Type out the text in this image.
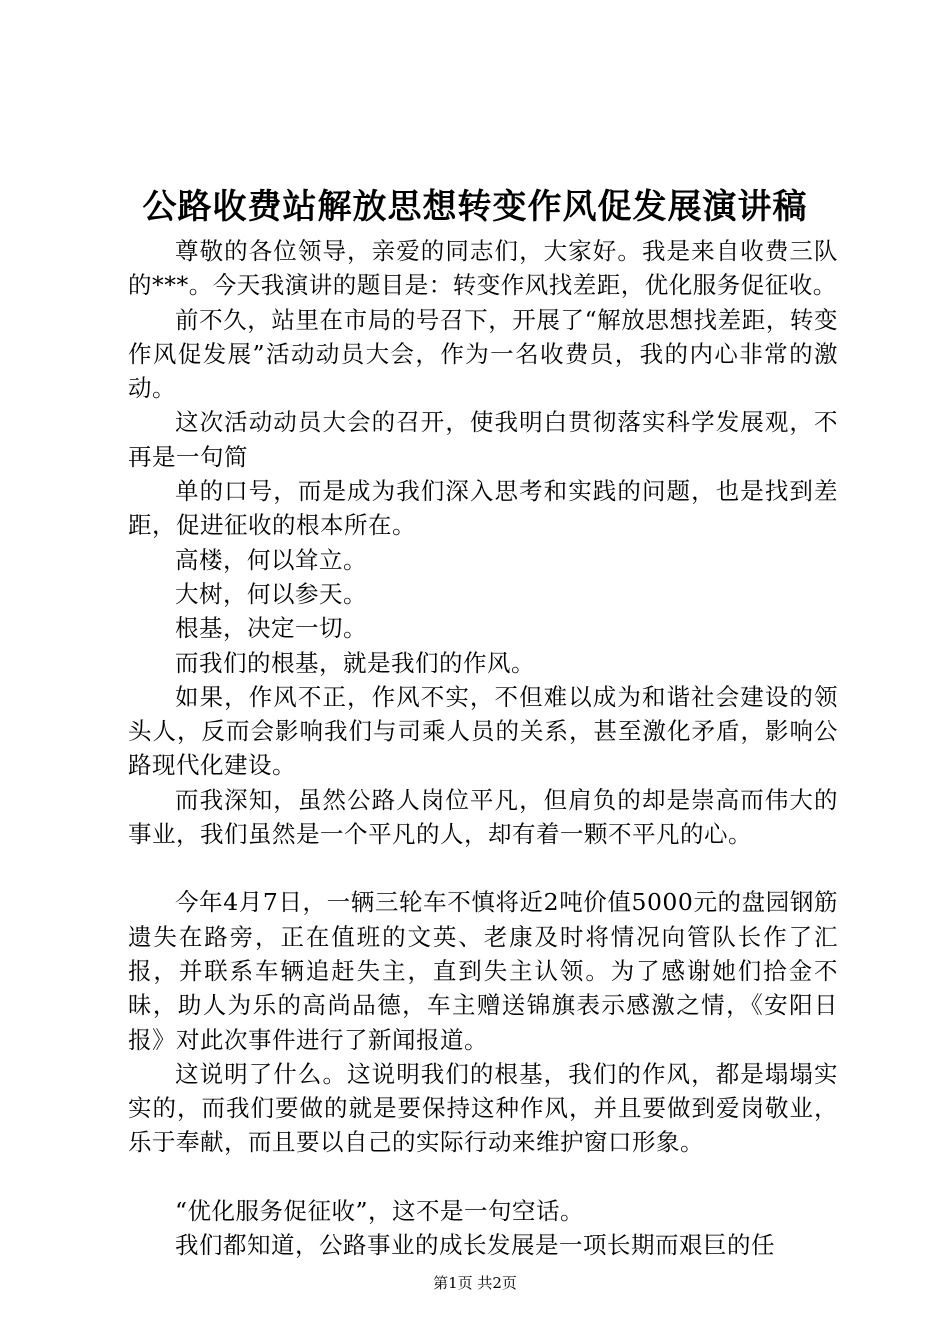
公路收费站解放思想转变作风促发展演讲稿

尊敬的各位领导，亲爱的同志们，大家好。我是来自收费三队的***。今天我演讲的题目是：转变作风找差距，优化服务促征收。

前不久，站里在市局的号召下，开展了“解放思想找差距，转变作风促发展”活动动员大会，作为一名收费员，我的内心非常的激动。

这次活动动员大会的召开，使我明白贯彻落实科学发展观，不再是一句简

单的口号，而是成为我们深入思考和实践的问题，也是找到差距，促进征收的根本所在。

高楼，何以耸立。

大树，何以参天。

根基，决定一切。

而我们的根基，就是我们的作风。

如果，作风不正，作风不实，不但难以成为和谐社会建设的领头人，反而会影响我们与司乘人员的关系，甚至激化矛盾，影响公路现代化建设。

而我深知，虽然公路人岗位平凡，但肩负的却是崇高而伟大的事业，我们虽然是一个平凡的人，却有着一颗不平凡的心。

今年4月7日，一辆三轮车不慎将近2吨价值5000元的盘园钢筋遗失在路旁，正在值班的文英、老康及时将情况向管队长作了汇报，并联系车辆追赶失主，直到失主认领。为了感谢她们拾金不昧，助人为乐的高尚品德，车主赠送锦旗表示感激之情，《安阳日报》对此次事件进行了新闻报道。

这说明了什么。这说明我们的根基，我们的作风，都是塌塌实实的，而我们要做的就是要保持这种作风，并且要做到爱岗敬业，乐于奉献，而且要以自己的实际行动来维护窗口形象。

“优化服务促征收”，这不是一句空话。

我们都知道，公路事业的成长发展是一项长期而艰巨的任

第1页 共2页
